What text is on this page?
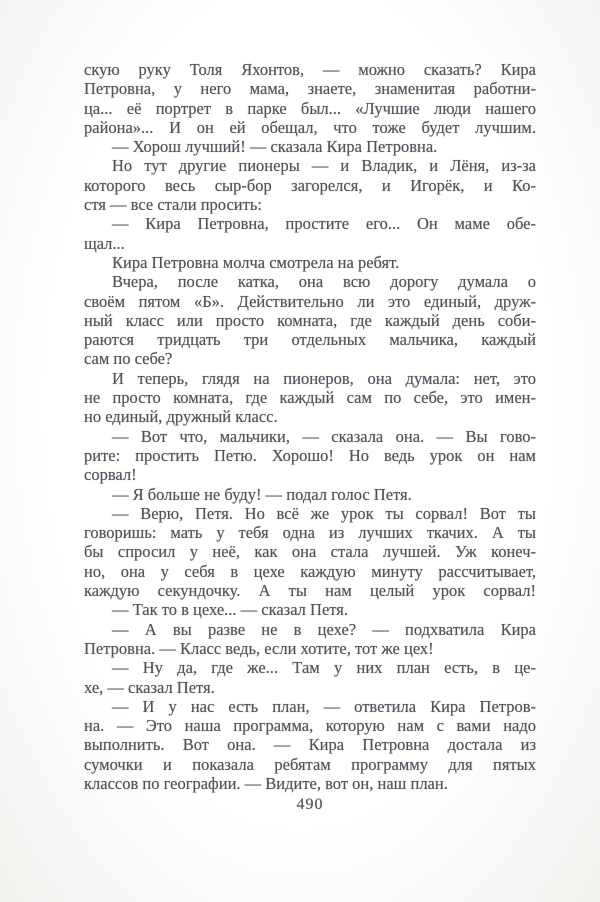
скую руку Толя Яхонтов, — можно сказать? Кира
Петровна, у него мама, знаете, знаменитая работни-
ца... её портрет в парке был... «Лучшие люди нашего
района»... И он ей обещал, что тоже будет лучшим.
— Хорош лучший! — сказала Кира Петровна.
Но тут другие пионеры — и Владик, и Лёня, из-за
которого весь сыр-бор загорелся, и Игорёк, и Ко-
стя — все стали просить:
— Кира Петровна, простите его... Он маме обе-
щал...
Кира Петровна молча смотрела на ребят.
Вчера, после катка, она всю дорогу думала о
своём пятом «Б». Действительно ли это единый, друж-
ный класс или просто комната, где каждый день соби-
раются тридцать три отдельных мальчика, каждый
сам по себе?
И теперь, глядя на пионеров, она думала: нет, это
не просто комната, где каждый сам по себе, это имен-
но единый, дружный класс.
— Вот что, мальчики, — сказала она. — Вы гово-
рите: простить Петю. Хорошо! Но ведь урок он нам
сорвал!
— Я больше не буду! — подал голос Петя.
— Верю, Петя. Но всё же урок ты сорвал! Вот ты
говоришь: мать у тебя одна из лучших ткачих. А ты
бы спросил у неё, как она стала лучшей. Уж конеч-
но, она у себя в цехе каждую минуту рассчитывает,
каждую секундочку. А ты нам целый урок сорвал!
— Так то в цехе... — сказал Петя.
— А вы разве не в цехе? — подхватила Кира
Петровна. — Класс ведь, если хотите, тот же цех!
— Ну да, где же... Там у них план есть, в це-
хе, — сказал Петя.
— И у нас есть план, — ответила Кира Петров-
на. — Это наша программа, которую нам с вами надо
выполнить. Вот она. — Кира Петровна достала из
сумочки и показала ребятам программу для пятых
классов по географии. — Видите, вот он, наш план.
490
